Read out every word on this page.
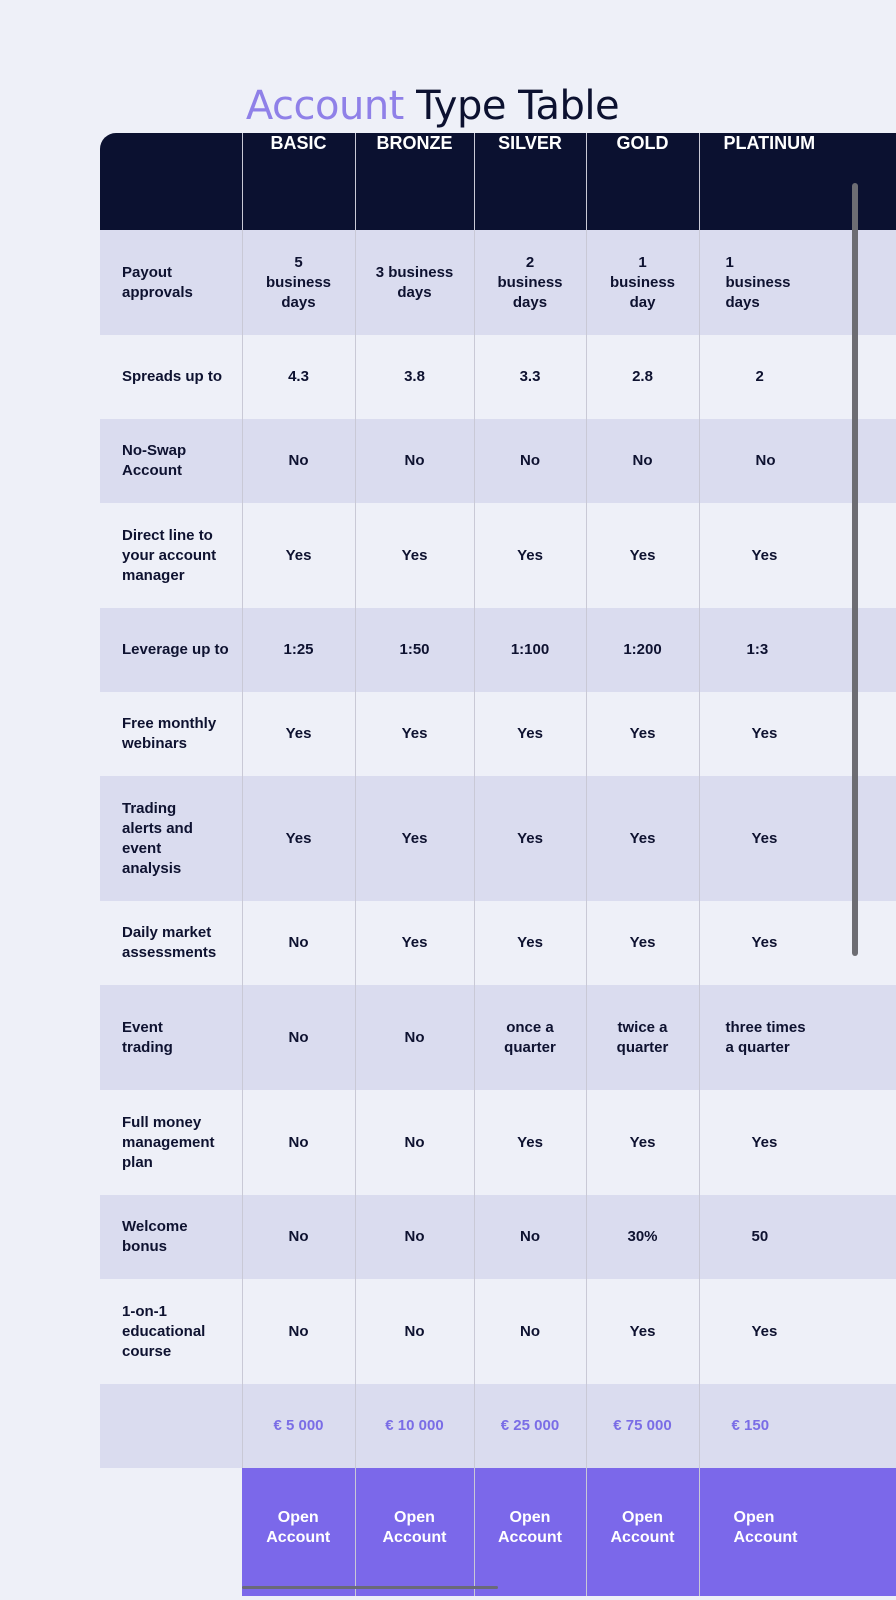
Account Type Table
	BASIC	BRONZE	SILVER	GOLD	PLATINUM
Payout approvals	5 business days	3 business days	2 business days	1 business day	1 business days
Spreads up to	4.3	3.8	3.3	2.8	2
No-Swap Account	No	No	No	No	No
Direct line to your account manager	Yes	Yes	Yes	Yes	Yes
Leverage up to	1:25	1:50	1:100	1:200	1:3
Free monthly webinars	Yes	Yes	Yes	Yes	Yes
Trading alerts and event analysis	Yes	Yes	Yes	Yes	Yes
Daily market assessments	No	Yes	Yes	Yes	Yes
Event trading	No	No	once a quarter	twice a quarter	three times a quarter
Full money management plan	No	No	Yes	Yes	Yes
Welcome bonus	No	No	No	30%	50
1-on-1 educational course	No	No	No	Yes	Yes
	€ 5 000	€ 10 000	€ 25 000	€ 75 000	€ 150
	Open Account	Open Account	Open Account	Open Account	Open Account
